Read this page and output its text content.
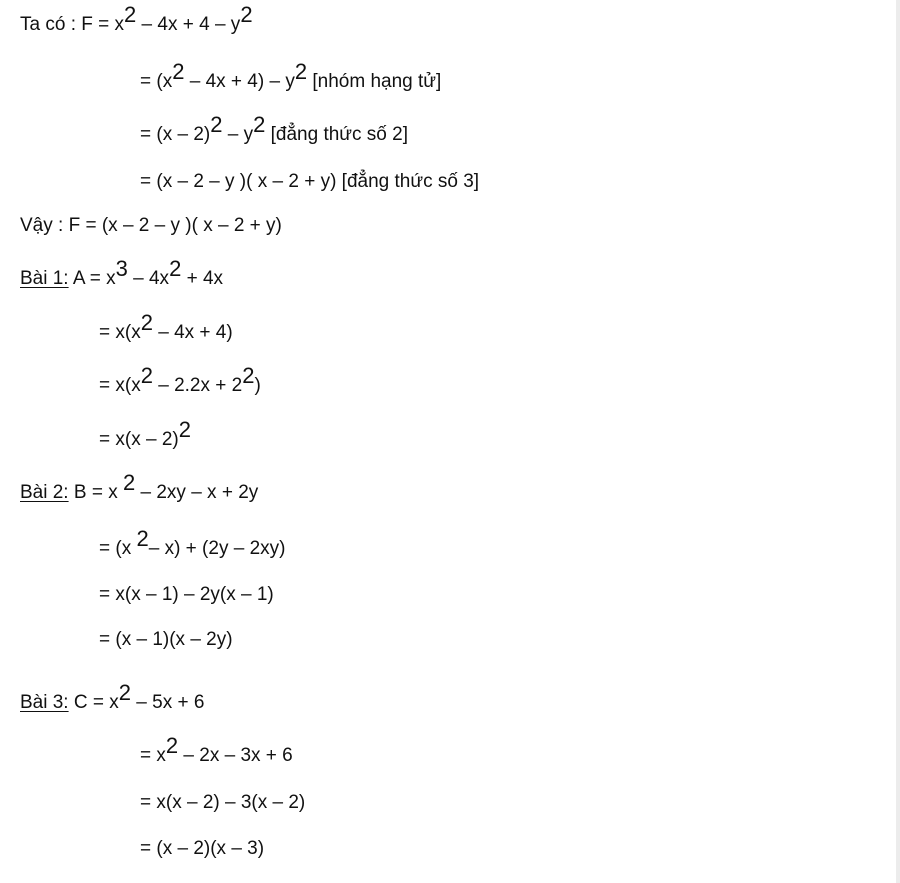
Ta có : $F = x^2 - 4x + 4 - y^2$
= $(x^2 - 4x + 4) - y^2$ [nhóm hạng tử]
= $(x - 2)^2 - y^2$ [đẳng thức số 2]
= (x – 2 – y )( x – 2 + y) [đẳng thức số 3]
Vậy : F = (x – 2 – y )( x – 2 + y)
Bài 1: $A = x^3 - 4x^2 + 4x$
= $x(x^2 - 4x + 4)$
= $x(x^2 - 2.2x + 2^2)$
= x(x – 2)$^2$
Bài 2: B = x $^2$ – 2xy – x + 2y
= (x $^2$– x) + (2y – 2xy)
= x(x – 1) – 2y(x – 1)
= (x – 1)(x – 2y)
Bài 3: $C = x^2 - 5x + 6$
= $x^2 - 2x - 3x + 6$
= x(x – 2) – 3(x – 2)
= (x – 2)(x – 3)
